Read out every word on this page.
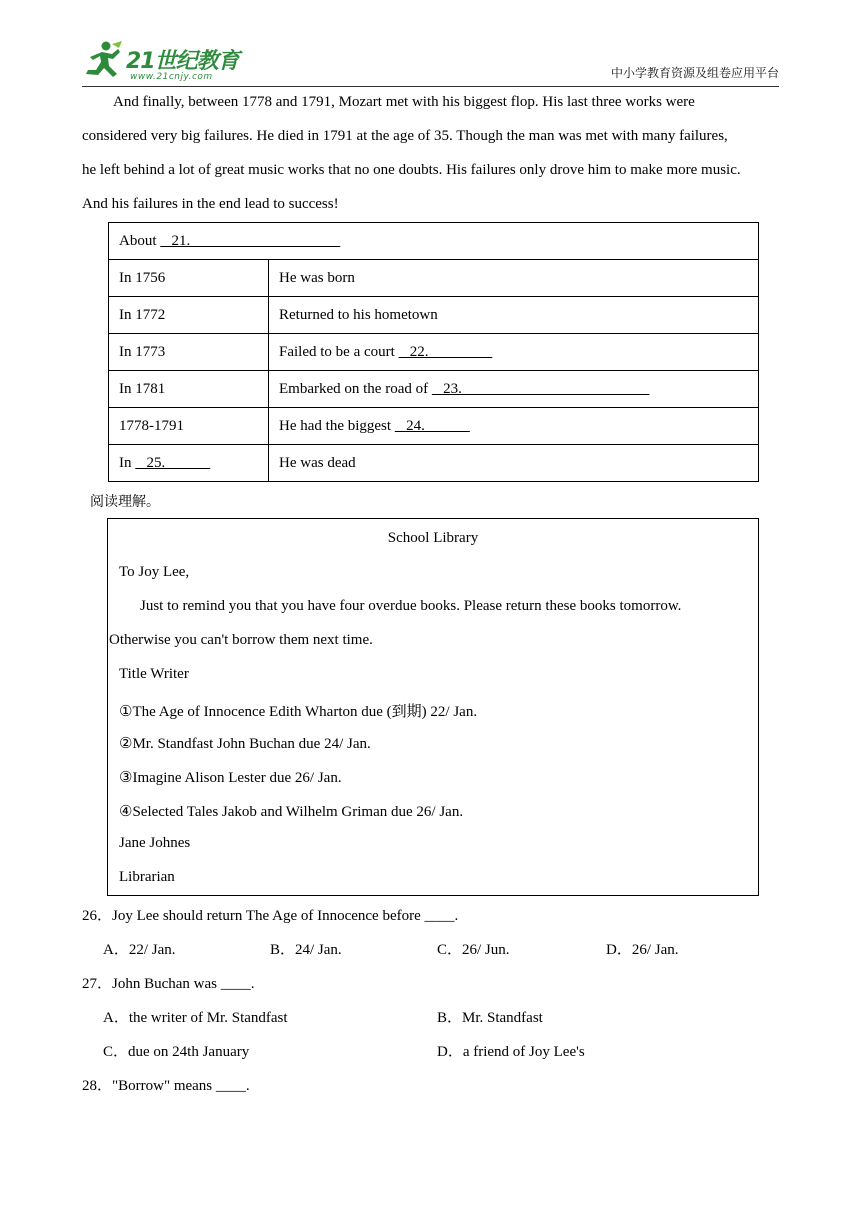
21世纪教育
www.21cnjy.com	中小学教育资源及组卷应用平台
And finally, between 1778 and 1791, Mozart met with his biggest flop. His last three works were
considered very big failures. He died in 1791 at the age of 35. Though the man was met with many failures,
he left behind a lot of great music works that no one doubts. His failures only drove him to make more music.
And his failures in the end lead to success!
About    21.	
In 1756	He was born
In 1772	Returned to his hometown
In 1773	Failed to be a court    22.
In 1781	Embarked on the road of    23.
1778-1791	He had the biggest    24.
In    25.	He was dead
阅读理解。
School Library
To Joy Lee,
Just to remind you that you have four overdue books. Please return these books tomorrow.
Otherwise you can't borrow them next time.
Title Writer
①The Age of Innocence Edith Wharton due (到期) 22/ Jan.
②Mr. Standfast John Buchan due 24/ Jan.
③Imagine Alison Lester due 26/ Jan.
④Selected Tales Jakob and Wilhelm Griman due 26/ Jan.
Jane Johnes
Librarian
26．Joy Lee should return The Age of Innocence before ____.
A．22/ Jan.	B．24/ Jan.	C．26/ Jun.	D．26/ Jan.
27．John Buchan was ____.
A．the writer of Mr. Standfast	B．Mr. Standfast
C．due on 24th January	D．a friend of Joy Lee's
28．"Borrow" means ____.
